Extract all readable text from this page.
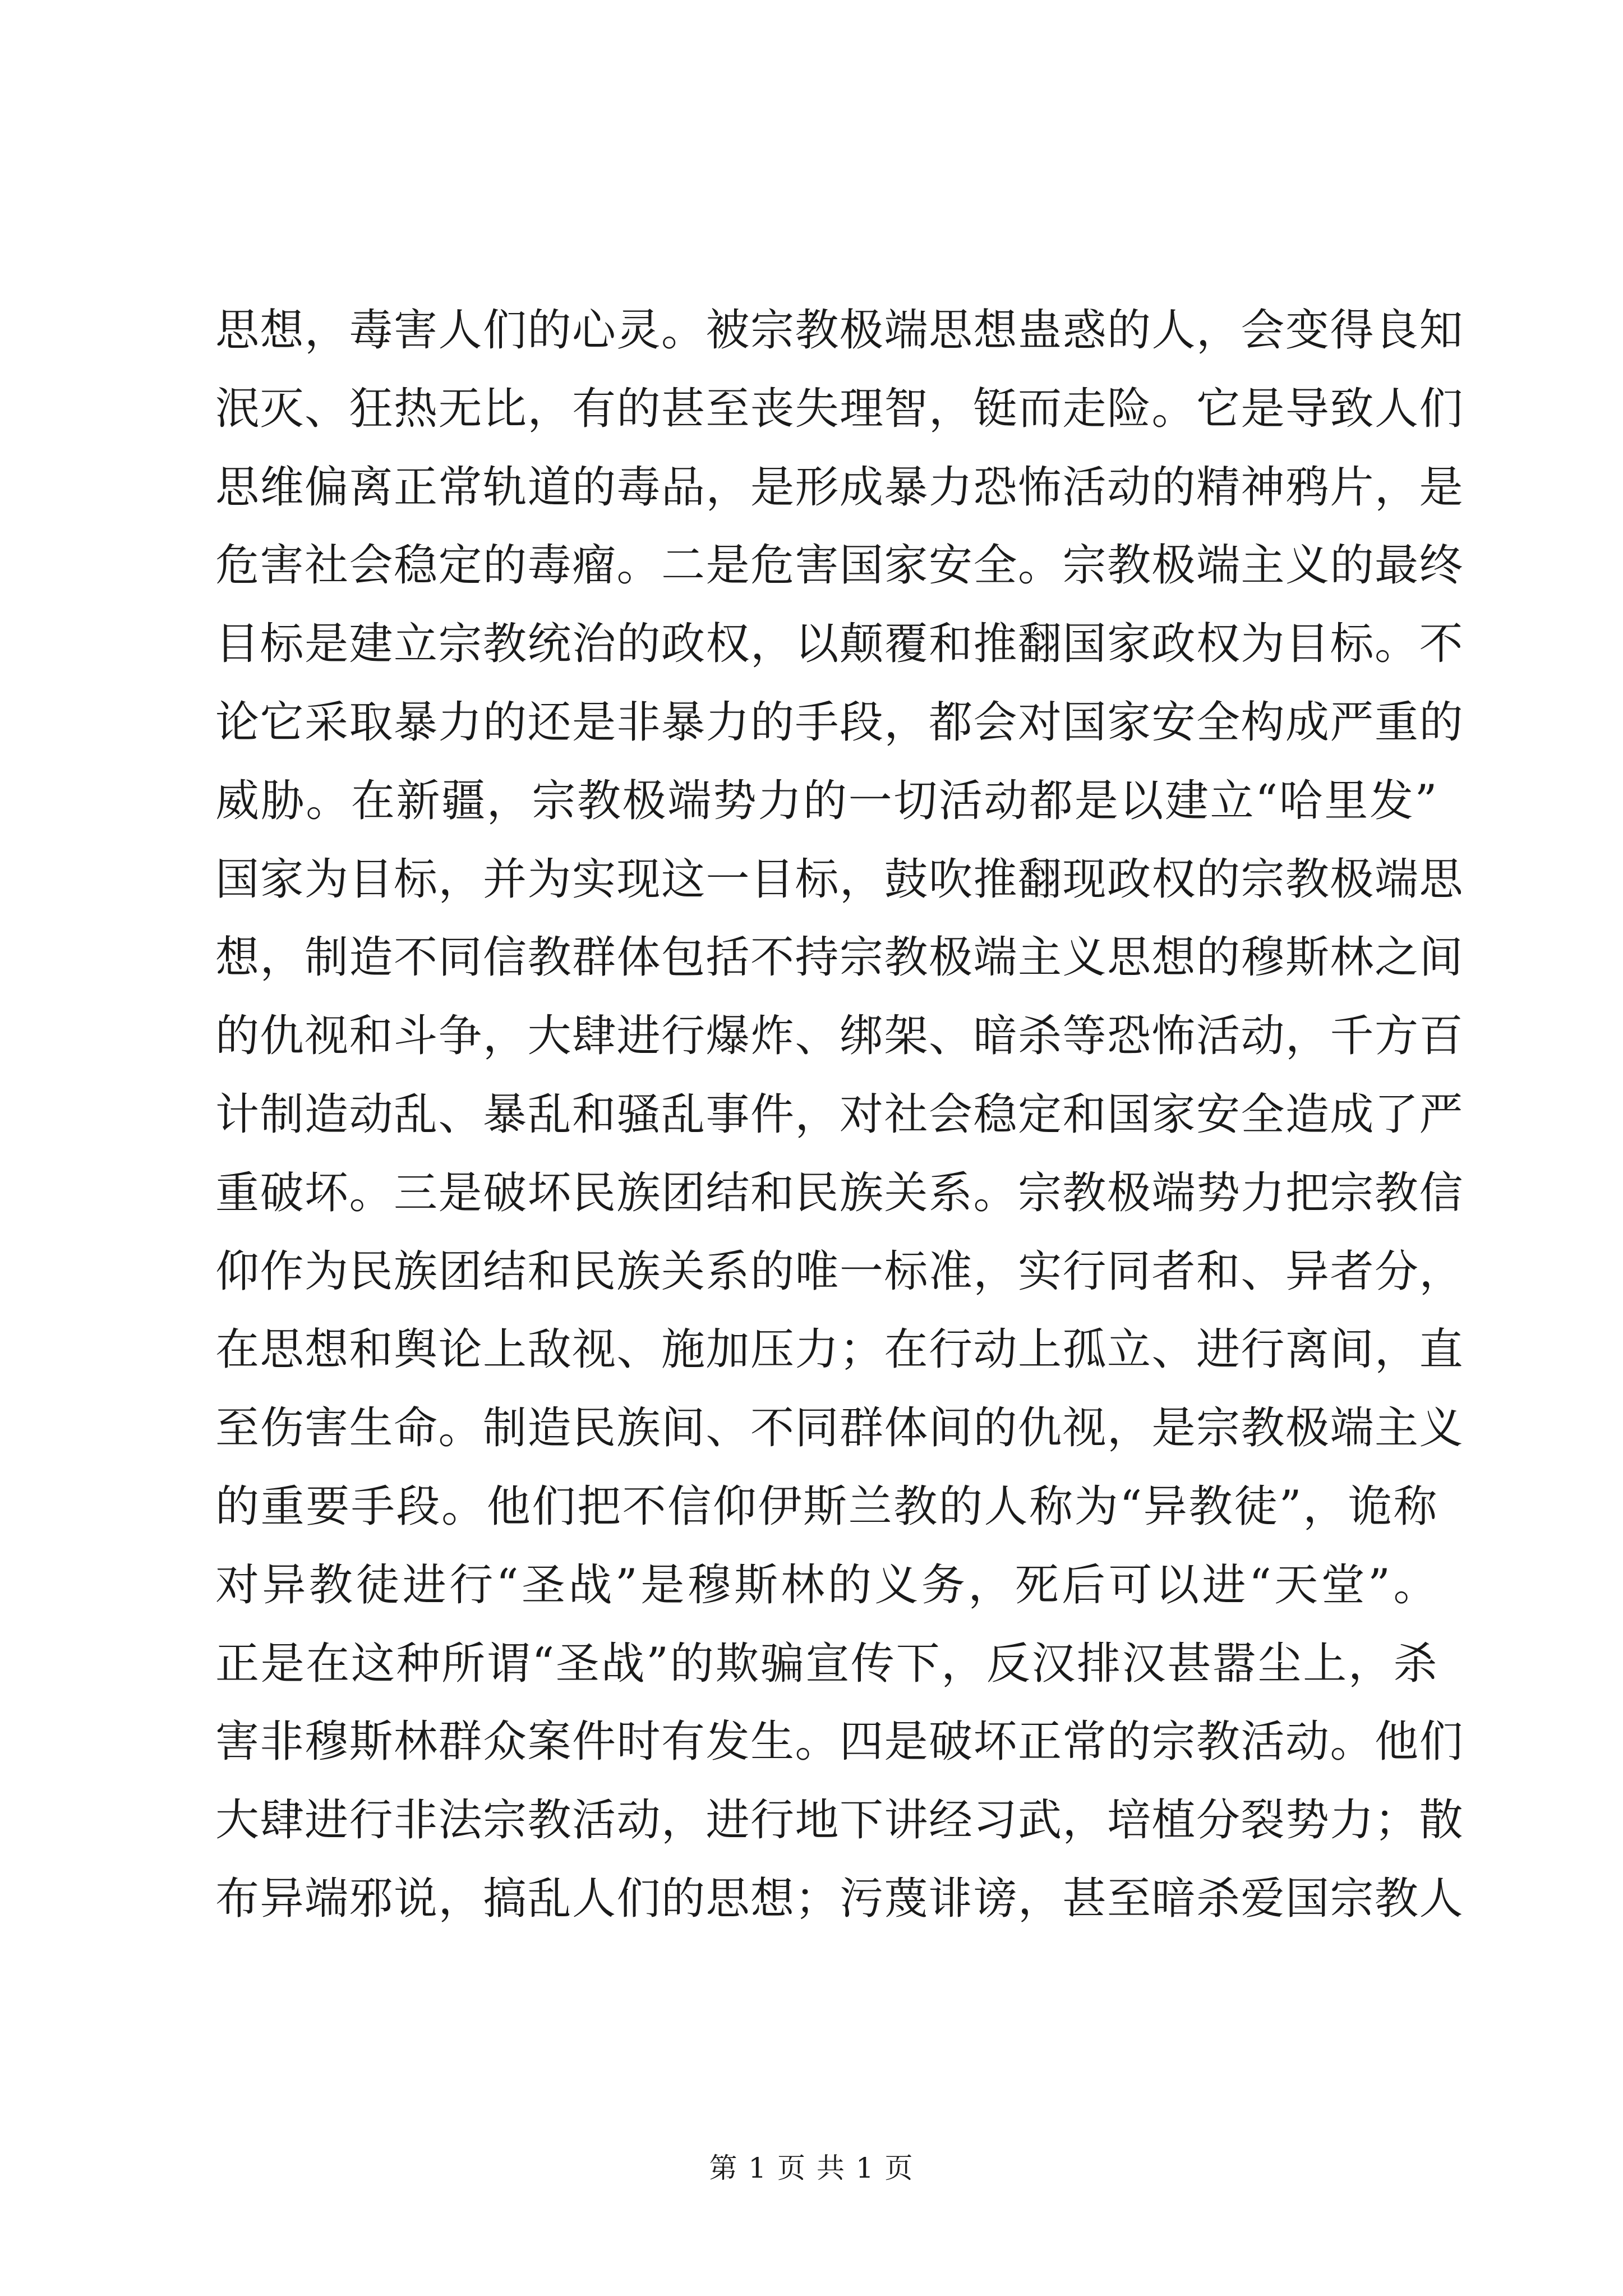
思想，毒害人们的心灵。被宗教极端思想蛊惑的人，会变得良知
泯灭、狂热无比，有的甚至丧失理智，铤而走险。它是导致人们
思维偏离正常轨道的毒品，是形成暴力恐怖活动的精神鸦片，是
危害社会稳定的毒瘤。二是危害国家安全。宗教极端主义的最终
目标是建立宗教统治的政权，以颠覆和推翻国家政权为目标。不
论它采取暴力的还是非暴力的手段，都会对国家安全构成严重的
威胁。在新疆，宗教极端势力的一切活动都是以建立“哈里发”
国家为目标，并为实现这一目标，鼓吹推翻现政权的宗教极端思
想，制造不同信教群体包括不持宗教极端主义思想的穆斯林之间
的仇视和斗争，大肆进行爆炸、绑架、暗杀等恐怖活动，千方百
计制造动乱、暴乱和骚乱事件，对社会稳定和国家安全造成了严
重破坏。三是破坏民族团结和民族关系。宗教极端势力把宗教信
仰作为民族团结和民族关系的唯一标准，实行同者和、异者分，
在思想和舆论上敌视、施加压力；在行动上孤立、进行离间，直
至伤害生命。制造民族间、不同群体间的仇视，是宗教极端主义
的重要手段。他们把不信仰伊斯兰教的人称为“异教徒”，诡称
对异教徒进行“圣战”是穆斯林的义务，死后可以进“天堂”。
正是在这种所谓“圣战”的欺骗宣传下，反汉排汉甚嚣尘上，杀
害非穆斯林群众案件时有发生。四是破坏正常的宗教活动。他们
大肆进行非法宗教活动，进行地下讲经习武，培植分裂势力；散
布异端邪说，搞乱人们的思想；污蔑诽谤，甚至暗杀爱国宗教人
第 1 页 共 1 页
